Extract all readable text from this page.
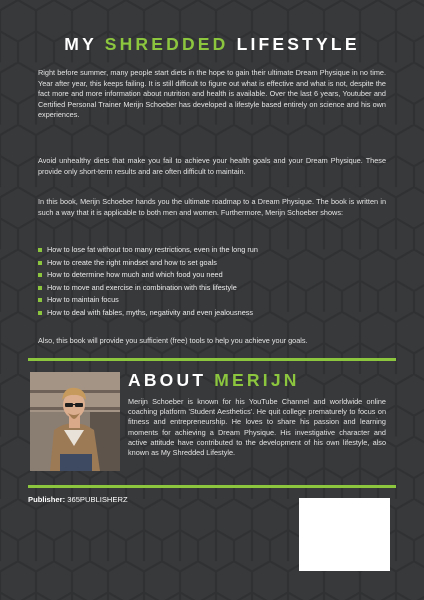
MY SHREDDED LIFESTYLE

Right before summer, many people start diets in the hope to gain their ultimate Dream Physique in no time. Year after year, this keeps failing. It is still difficult to figure out what is effective and what is not, despite the fact more and more information about nutrition and health is available. Over the last 6 years, Youtuber and Certified Personal Trainer Merijn Schoeber has developed a lifestyle based entirely on science and his own experiences.

Avoid unhealthy diets that make you fail to achieve your health goals and your Dream Physique. These provide only short-term results and are often difficult to maintain.

In this book, Merijn Schoeber hands you the ultimate roadmap to a Dream Physique. The book is written in such a way that it is applicable to both men and women. Furthermore, Merijn Schoeber shows:

How to lose fat without too many restrictions, even in the long run
How to create the right mindset and how to set goals
How to determine how much and which food you need
How to move and exercise in combination with this lifestyle
How to maintain focus
How to deal with fables, myths, negativity and even jealousness

Also, this book will provide you sufficient (free) tools to help you achieve your goals.

ABOUT MERIJN
Merijn Schoeber is known for his YouTube Channel and worldwide online coaching platform 'Student Aesthetics'. He quit college prematurely to focus on fitness and entrepreneurship. He loves to share his passion and learning moments for achieving a Dream Physique. His investigative character and active attitude have contributed to the development of his own lifestyle, also known as My Shredded Lifestyle.
Publisher: 365PUBLISHERZ
